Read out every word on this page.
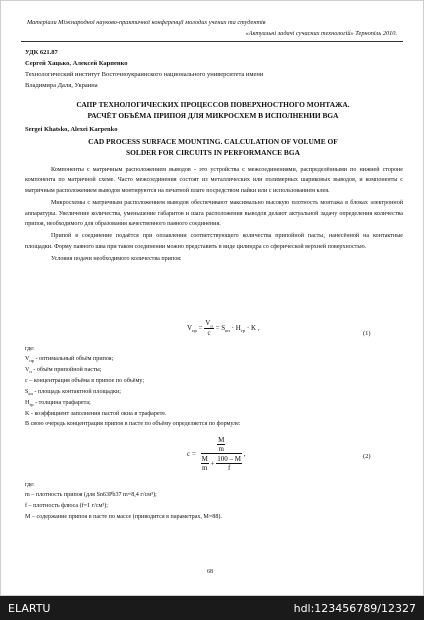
Матеріали Міжнародної науково-практичної конференції молодих учених та студентів
«Актуальні задачі сучасних технологій» Тернопіль 2010.
УДК 621.87
Сергей Хацько, Алексей Карпенко
Технологический институт Восточноукраинского национального университета имени
Владимира Даля, Украина
САПР ТЕХНОЛОГИЧЕСКИХ ПРОЦЕССОВ ПОВЕРХНОСТНОГО МОНТАЖА.
РАСЧЁТ ОБЪЁМА ПРИПОЯ ДЛЯ МИКРОСХЕМ В ИСПОЛНЕНИИ BGA
Sergei Khatsko, Alexei Karpenko
CAD PROCESS SURFACE MOUNTING. CALCULATION OF VOLUME OF
SOLDER FOR CIRCUITS IN PERFORMANCE BGA

Компоненты с матричным расположением выводов - это устройства с межсоединениями, распределёнными по нижней стороне компонента по матричной схеме. Часто межсоединения состоят из металлических или полимерных шариковых выводов, и компоненты с матричным расположением выводов монтируются на печатной плате посредством пайки или с использованием клея.

Микросхемы с матричным расположением выводов обеспечивают максимально высокую плотность монтажа в блоках электронной аппаратуры. Увеличение количества, уменьшение габаритов и шага расположения выводов делают актуальной задачу определения количества припоя, необходимого для образования качественного паяного соединения.

Припой в соединение подаётся при оплавлении соответствующего количества припойной пасты, нанесённой на контактные площадки. Форму паяного шва при таком соединении можно представить в виде цилиндра со сферической верхней поверхностью.

Условия подачи необходимого количества припоя:

$V_{пр} = \frac{V_п}{c} = S_{кп} \cdot H_{тр} \cdot K$ ,
(1)
где:
$V_{пр}$ - оптимальный объём припоя;
$V_п$ - объём припойной пасты;
с – концентрация объёма в припое по объёму;
$S_{кп}$ - площадь контактной площадки;
$H_{тр}$ - толщина трафарета;
K - коэффициент заполнения пастой окна в трафарете.
В свою очередь концентрация припоя в пасте по объёму определяется по формуле:
c =
$\frac{M}{m}$
$\frac{M}{m} + \frac{100 - M}{f}$
,	(2)
где:
m – плотность припоя (для Sn63Pb37 m=8,4 г/см³);
f – плотность флюса (f=1 г/см³);
M – содержание припоя в пасте по массе (приводится в параметрах, M=88).
68
ELARTU	hdl:123456789/12327
